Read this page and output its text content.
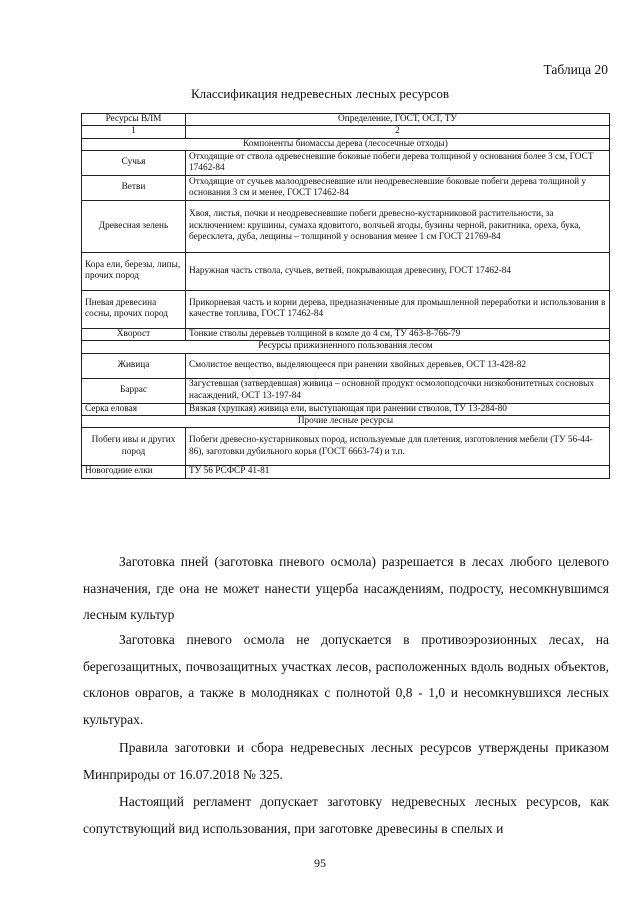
Таблица 20
Классификация недревесных лесных ресурсов
Ресурсы ВЛМ	Определение, ГОСТ, ОСТ, ТУ
1	2
Компоненты биомассы дерева (лесосечные отходы)	
Сучья	Отходящие от ствола одревесневшие боковые побеги дерева толщиной у основания более 3 см, ГОСТ 17462-84
Ветви	Отходящие от сучьев малоодревесневшие или неодревесневшие боковые побеги дерева толщиной у основания 3 см и менее, ГОСТ 17462-84
Древесная зелень	Хвоя, листья, почки и неодревесневшие побеги древесно-кустарниковой растительности, за исключением: крушины, сумаха ядовитого, волчьей ягоды, бузины черной, ракитника, ореха, бука, бересклета, дуба, лещины – толщиной у основания менее 1 см ГОСТ 21769-84
Кора ели, березы, липы, прочих пород	Наружная часть ствола, сучьев, ветвей, покрывающая древесину, ГОСТ 17462-84
Пневая древесина сосны, прочих пород	Прикорневая часть и корни дерева, предназначенные для промышленной переработки и использования в качестве топлива, ГОСТ 17462-84
Хворост	Тонкие стволы деревьев толщиной в комле до 4 см, ТУ 463-8-766-79
Ресурсы прижизненного пользования лесом	
Живица	Смолистое вещество, выделяющееся при ранении хвойных деревьев, ОСТ 13-428-82
Баррас	Загустевшая (затвердевшая) живица – основной продукт осмолоподсочки низкобонитетных сосновых насаждений, ОСТ 13-197-84
Серка еловая	Вязкая (хрупкая) живица ели, выступающая при ранении стволов, ТУ 13-284-80
Прочие лесные ресурсы	
Побеги ивы и других пород	Побеги древесно-кустарниковых пород, используемые для плетения, изготовления мебели (ТУ 56-44-86), заготовки дубильного корья (ГОСТ 6663-74) и т.п.
Новогодние елки	ТУ 56 РСФСР 41-81

Заготовка пней (заготовка пневого осмола) разрешается в лесах любого целевого назначения, где она не может нанести ущерба насаждениям, подросту, несомкнувшимся лесным культур

Заготовка пневого осмола не допускается в противоэрозионных лесах, на берегозащитных, почвозащитных участках лесов, расположенных вдоль водных объектов, склонов оврагов, а также в молодняках с полнотой 0,8 - 1,0 и несомкнувшихся лесных культурах.

Правила заготовки и сбора недревесных лесных ресурсов утверждены приказом Минприроды от 16.07.2018 № 325.

Настоящий регламент допускает заготовку недревесных лесных ресурсов, как сопутствующий вид использования, при заготовке древесины в спелых и

95
